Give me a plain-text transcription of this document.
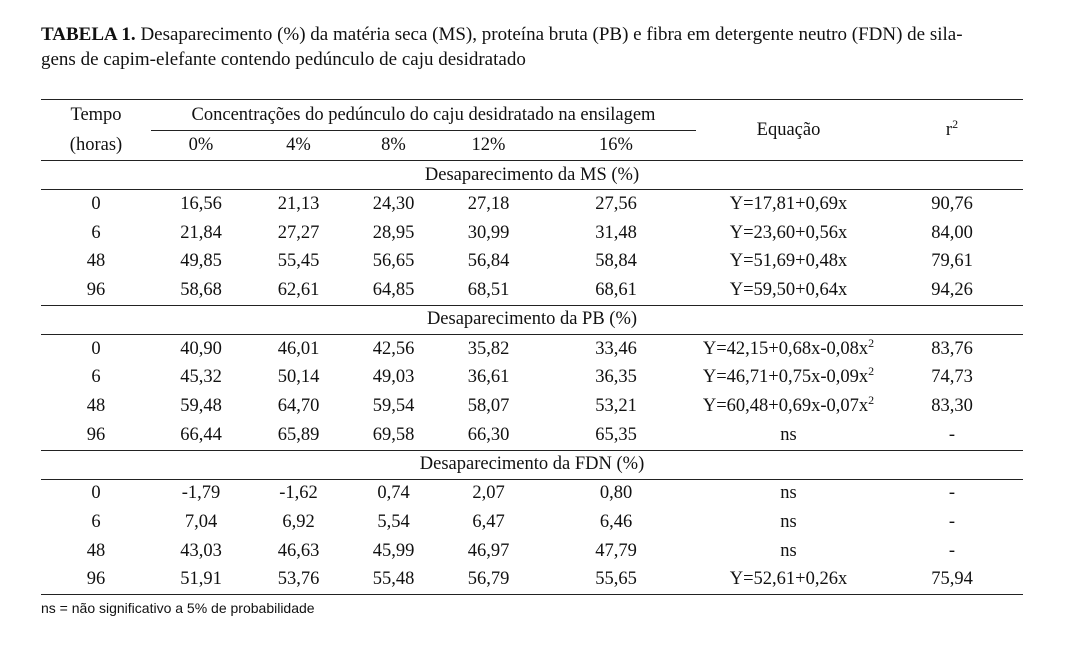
TABELA 1. Desaparecimento (%) da matéria seca (MS), proteína bruta (PB) e fibra em detergente neutro (FDN) de sila-
gens de capim-elefante contendo pedúnculo de caju desidratado
Tempo	Concentrações do pedúnculo do caju desidratado na ensilagem					Equação	$r^2$
(horas)	0%	4%	8%	12%	16%		
Desaparecimento da MS (%)							
0	16,56	21,13	24,30	27,18	27,56	Y=17,81+0,69x	90,76
6	21,84	27,27	28,95	30,99	31,48	Y=23,60+0,56x	84,00
48	49,85	55,45	56,65	56,84	58,84	Y=51,69+0,48x	79,61
96	58,68	62,61	64,85	68,51	68,61	Y=59,50+0,64x	94,26
Desaparecimento da PB (%)							
0	40,90	46,01	42,56	35,82	33,46	$Y=42,15+0,68x-0,08x^2$	83,76
6	45,32	50,14	49,03	36,61	36,35	$Y=46,71+0,75x-0,09x^2$	74,73
48	59,48	64,70	59,54	58,07	53,21	$Y=60,48+0,69x-0,07x^2$	83,30
96	66,44	65,89	69,58	66,30	65,35	ns	-
Desaparecimento da FDN (%)							
0	-1,79	-1,62	0,74	2,07	0,80	ns	-
6	7,04	6,92	5,54	6,47	6,46	ns	-
48	43,03	46,63	45,99	46,97	47,79	ns	-
96	51,91	53,76	55,48	56,79	55,65	Y=52,61+0,26x	75,94
ns = não significativo a 5% de probabilidade
